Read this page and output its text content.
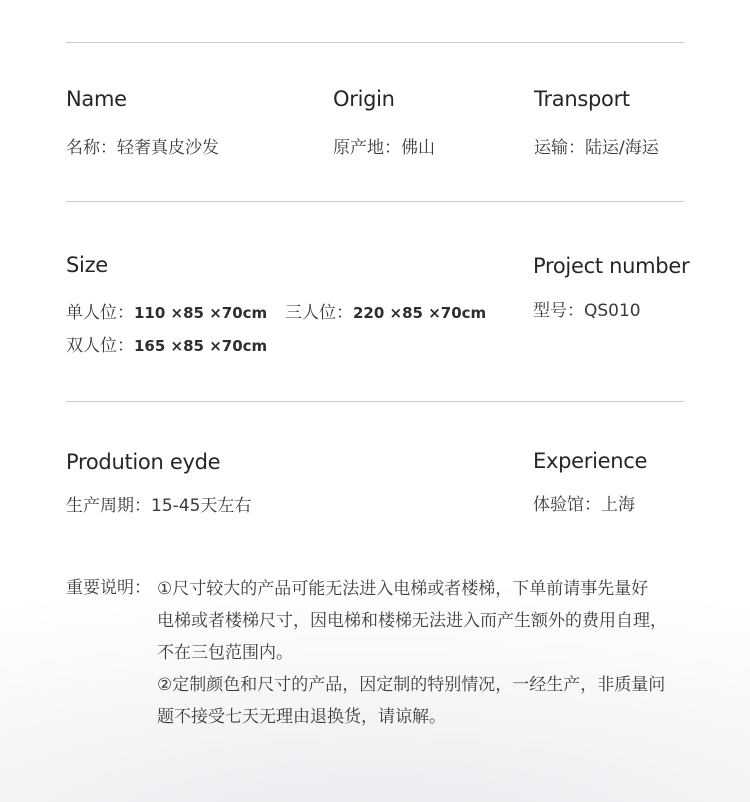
Name
名称：轻奢真皮沙发
Origin
原产地：佛山
Transport
运输：陆运/海运
Size
单人位：110 ×85 ×70cm 三人位：220 ×85 ×70cm
双人位：165 ×85 ×70cm
Project number
型号：QS010
Prodution eyde
生产周期：15-45天左右
Experience
体验馆：上海
重要说明： ①尺寸较大的产品可能无法进入电梯或者楼梯，下单前请事先量好
电梯或者楼梯尺寸，因电梯和楼梯无法进入而产生额外的费用自理，
不在三包范围内。
②定制颜色和尺寸的产品，因定制的特别情况，一经生产，非质量问
题不接受七天无理由退换货，请谅解。
